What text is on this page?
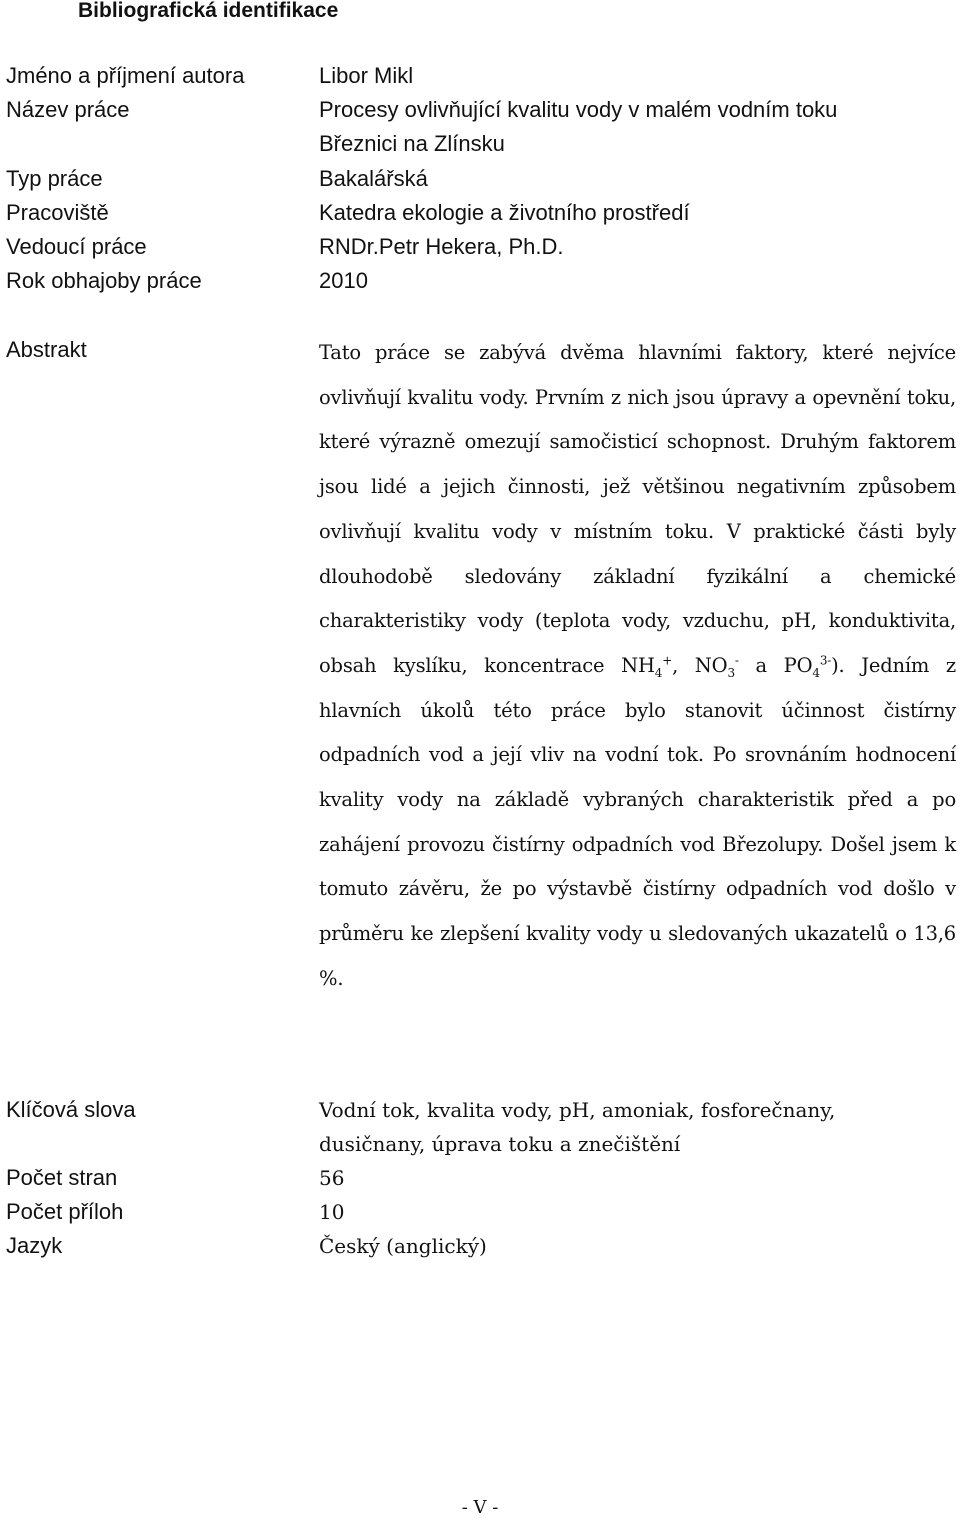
Bibliografická identifikace
Jméno a příjmení autora	Libor Mikl
Název práce	Procesy ovlivňující kvalitu vody v malém vodním toku Březnici na Zlínsku
Typ práce	Bakalářská
Pracoviště	Katedra ekologie a životního prostředí
Vedoucí práce	RNDr.Petr Hekera, Ph.D.
Rok obhajoby práce	2010
Abstrakt	Tato práce se zabývá dvěma hlavními faktory, které nejvíce ovlivňují kvalitu vody. Prvním z nich jsou úpravy a opevnění toku, které výrazně omezují samočisticí schopnost. Druhým faktorem jsou lidé a jejich činnosti, jež většinou negativním způsobem ovlivňují kvalitu vody v místním toku. V praktické části byly dlouhodobě sledovány základní fyzikální a chemické charakteristiky vody (teplota vody, vzduchu, pH, konduktivita, obsah kyslíku, koncentrace $NH_4^+$, $NO_3^-$ a $PO_4^{3-}$). Jedním z hlavních úkolů této práce bylo stanovit účinnost čistírny odpadních vod a její vliv na vodní tok. Po srovnáním hodnocení kvality vody na základě vybraných charakteristik před a po zahájení provozu čistírny odpadních vod Březolupy. Došel jsem k tomuto závěru, že po výstavbě čistírny odpadních vod došlo v průměru ke zlepšení kvality vody u sledovaných ukazatelů o 13,6 %.
Klíčová slova	Vodní tok, kvalita vody, pH, amoniak, fosforečnany, dusičnany, úprava toku a znečištění
Počet stran	56
Počet příloh	10
Jazyk	Český (anglický)
- V -
